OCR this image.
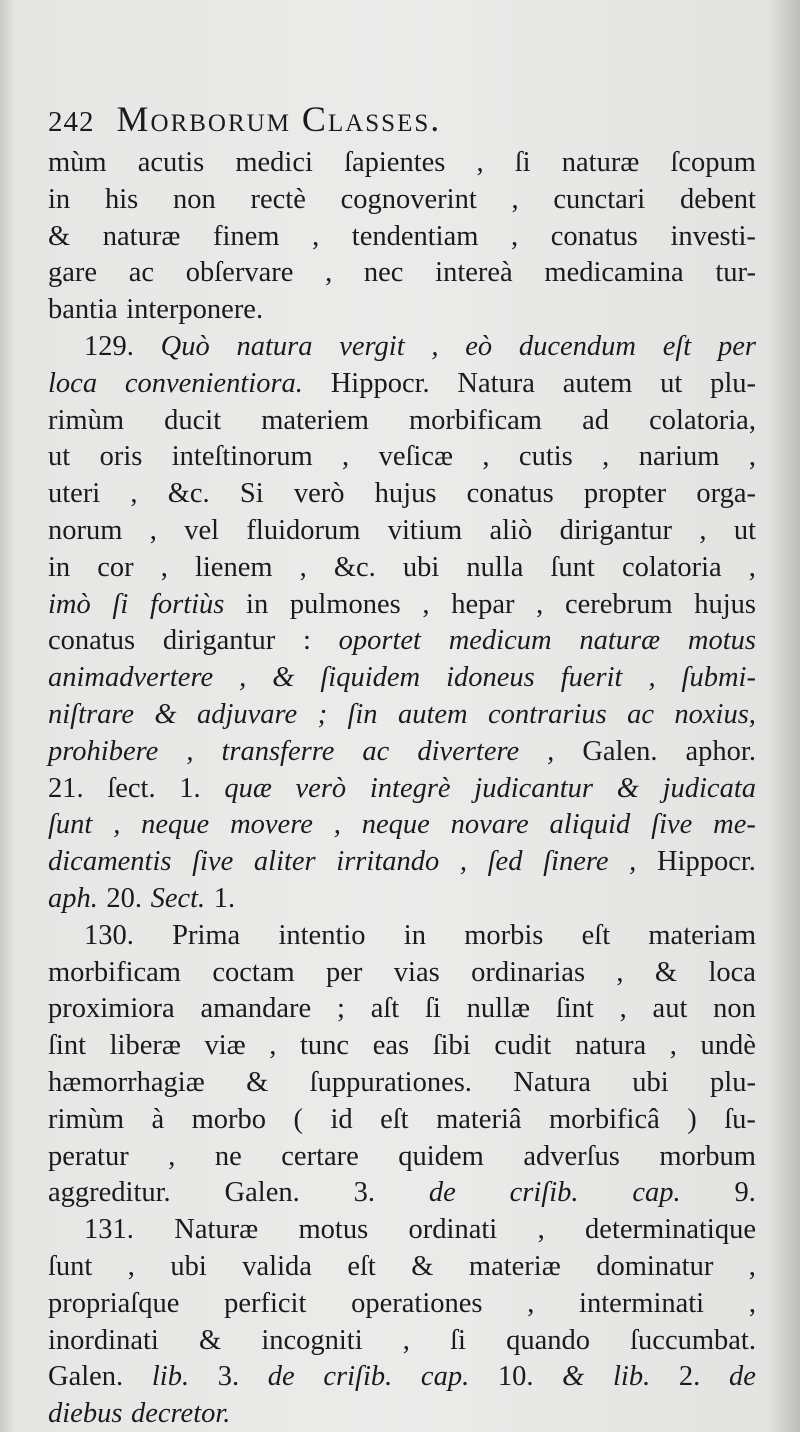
242 Morborum Classes.
mùm acutis medici ſapientes , ſi naturæ ſcopum
in his non rectè cognoverint , cunctari debent
& naturæ finem , tendentiam , conatus investi-
gare ac obſervare , nec intereà medicamina tur-
bantia interponere.
129. Quò natura vergit , eò ducendum eſt per
loca convenientiora. Hippocr. Natura autem ut plu-
rimùm ducit materiem morbificam ad colatoria,
ut oris inteſtinorum , veſicæ , cutis , narium ,
uteri , &c. Si verò hujus conatus propter orga-
norum , vel fluidorum vitium aliò dirigantur , ut
in cor , lienem , &c. ubi nulla ſunt colatoria ,
imò ſi fortiùs in pulmones , hepar , cerebrum hujus
conatus dirigantur : oportet medicum naturæ motus
animadvertere , & ſiquidem idoneus fuerit , ſubmi-
niſtrare & adjuvare ; ſin autem contrarius ac noxius,
prohibere , transferre ac divertere , Galen. aphor.
21. ſect. 1. quæ verò integrè judicantur & judicata
ſunt , neque movere , neque novare aliquid ſive me-
dicamentis ſive aliter irritando , ſed ſinere , Hippocr.
aph. 20. Sect. 1.
130. Prima intentio in morbis eſt materiam
morbificam coctam per vias ordinarias , & loca
proximiora amandare ; aſt ſi nullæ ſint , aut non
ſint liberæ viæ , tunc eas ſibi cudit natura , undè
hæmorrhagiæ & ſuppurationes. Natura ubi plu-
rimùm à morbo ( id eſt materiâ morbificâ ) ſu-
peratur , ne certare quidem adverſus morbum
aggreditur. Galen. 3. de criſib. cap. 9.
131. Naturæ motus ordinati , determinatique
ſunt , ubi valida eſt & materiæ dominatur ,
propriaſque perficit operationes , interminati ,
inordinati & incogniti , ſi quando ſuccumbat.
Galen. lib. 3. de criſib. cap. 10. & lib. 2. de
diebus decretor.
